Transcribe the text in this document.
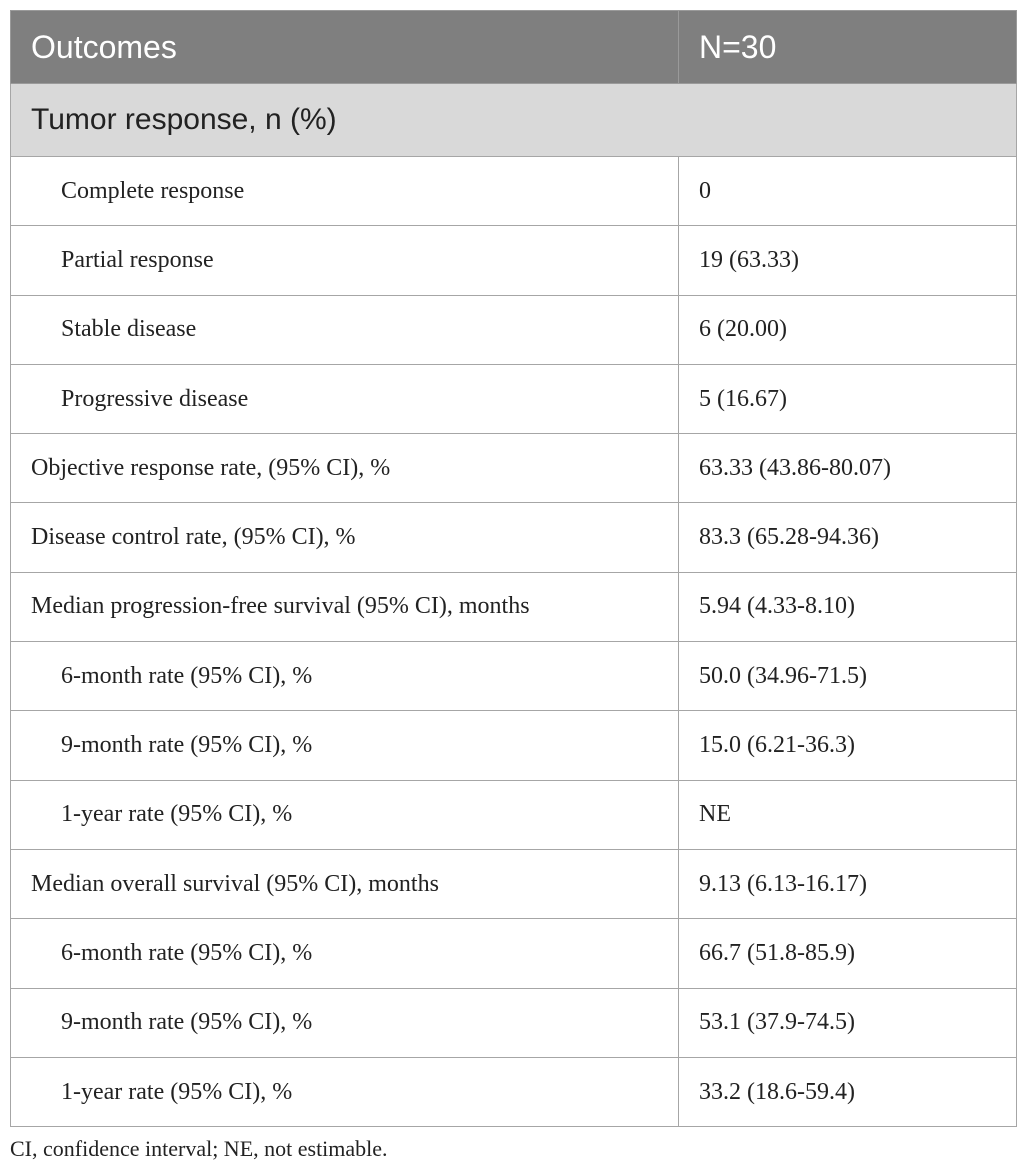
Outcomes	N=30
Tumor response, n (%)	
Complete response	0
Partial response	19 (63.33)
Stable disease	6 (20.00)
Progressive disease	5 (16.67)
Objective response rate, (95% CI), %	63.33 (43.86-80.07)
Disease control rate, (95% CI), %	83.3 (65.28-94.36)
Median progression-free survival (95% CI), months	5.94 (4.33-8.10)
6-month rate (95% CI), %	50.0 (34.96-71.5)
9-month rate (95% CI), %	15.0 (6.21-36.3)
1-year rate (95% CI), %	NE
Median overall survival (95% CI), months	9.13 (6.13-16.17)
6-month rate (95% CI), %	66.7 (51.8-85.9)
9-month rate (95% CI), %	53.1 (37.9-74.5)
1-year rate (95% CI), %	33.2 (18.6-59.4)
CI, confidence interval; NE, not estimable.
